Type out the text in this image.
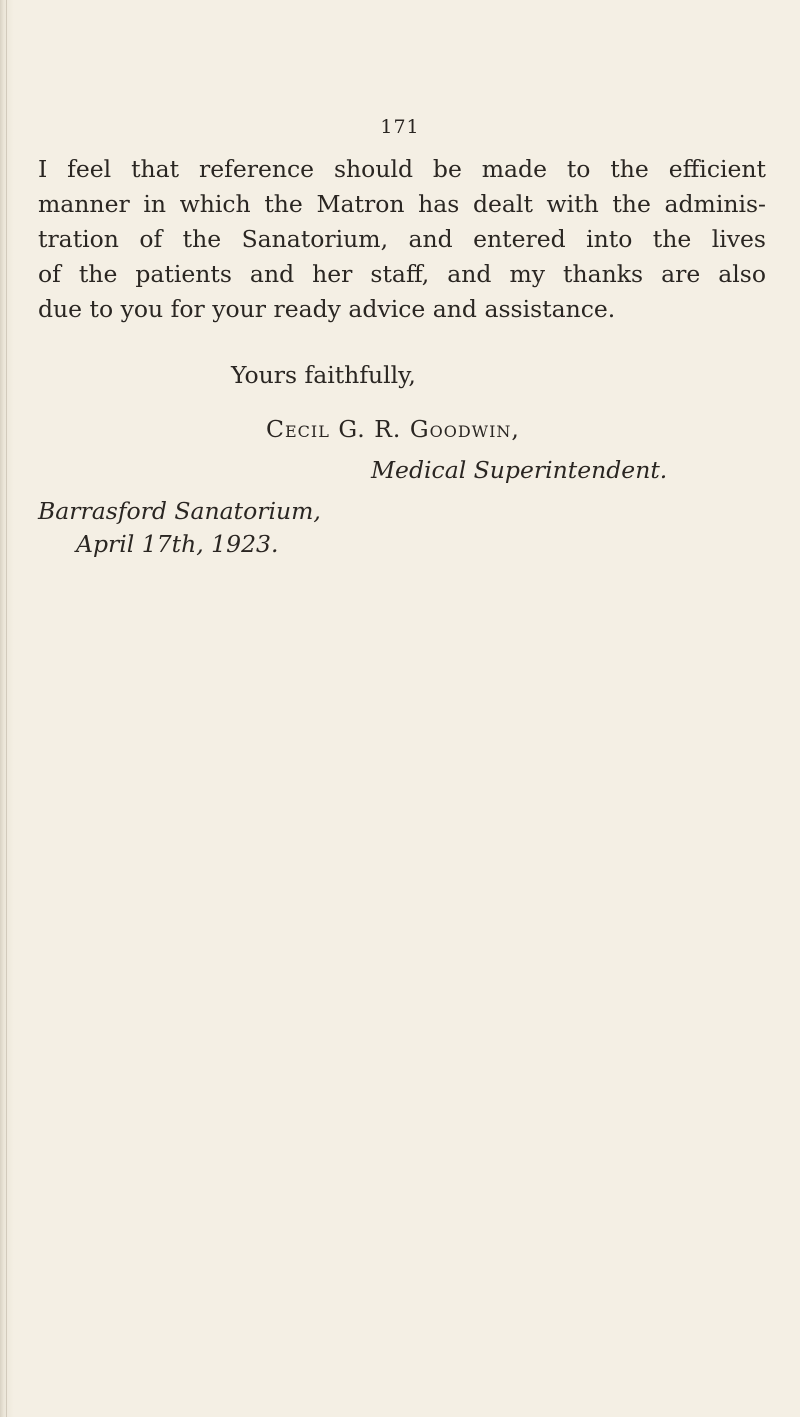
171
I feel that reference should be made to the efficient
manner in which the Matron has dealt with the adminis-
tration of the Sanatorium, and entered into the lives
of the patients and her staff, and my thanks are also
due to you for your ready advice and assistance.
Yours faithfully,
Cecil G. R. Goodwin,
Medical Superintendent.
Barrasford Sanatorium,
April 17th, 1923.
